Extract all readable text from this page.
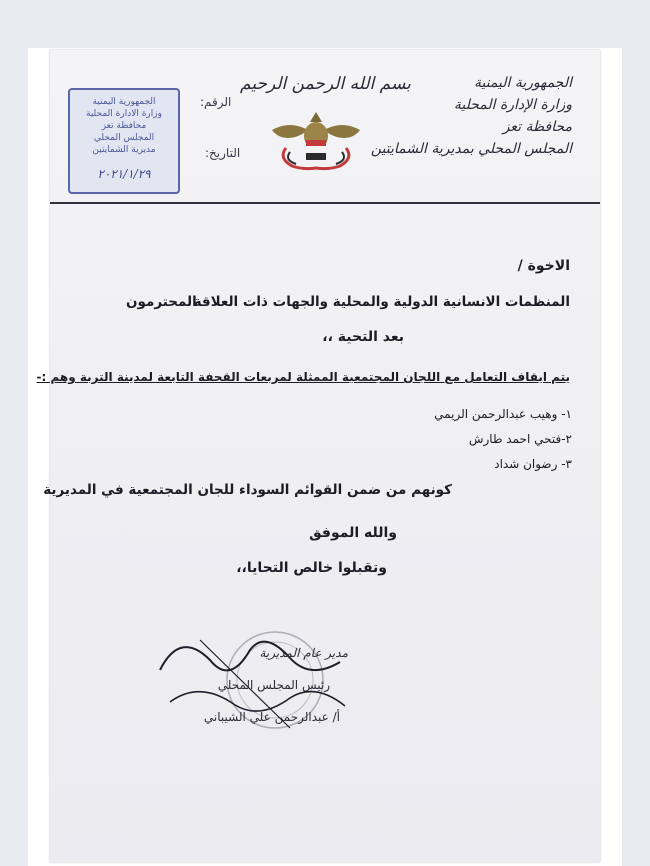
الجمهورية اليمنية
وزارة الإدارة المحلية
محافظة تعز
المجلس المحلي بمديرية الشمايتين
بسم الله الرحمن الرحيم
الرقم:
التاريخ:
الجمهورية اليمنية
وزارة الادارة المحلية
محافظة تعز
المجلس المحلي
مديرية الشمايتين
٢٠٢١/١/٢٩
الاخوة /
المنظمات الانسانية الدولية والمحلية والجهات ذات العلاقة
المحترمون
بعد التحية ،،
يتم ايقاف التعامل مع اللجان المجتمعية الممثلة لمربعات القحفة التابعة لمدينة التربة وهم :-
١- وهيب عبدالرحمن الريمي
٢-فتحي احمد طارش
٣- رضوان شداد
كونهم من ضمن القوائم السوداء للجان المجتمعية في المديرية
والله الموفق
وتقبلوا خالص التحايا،،
مدير عام المديرية
رئيس المجلس المحلي
أ/ عبدالرحمن علي الشيباني
